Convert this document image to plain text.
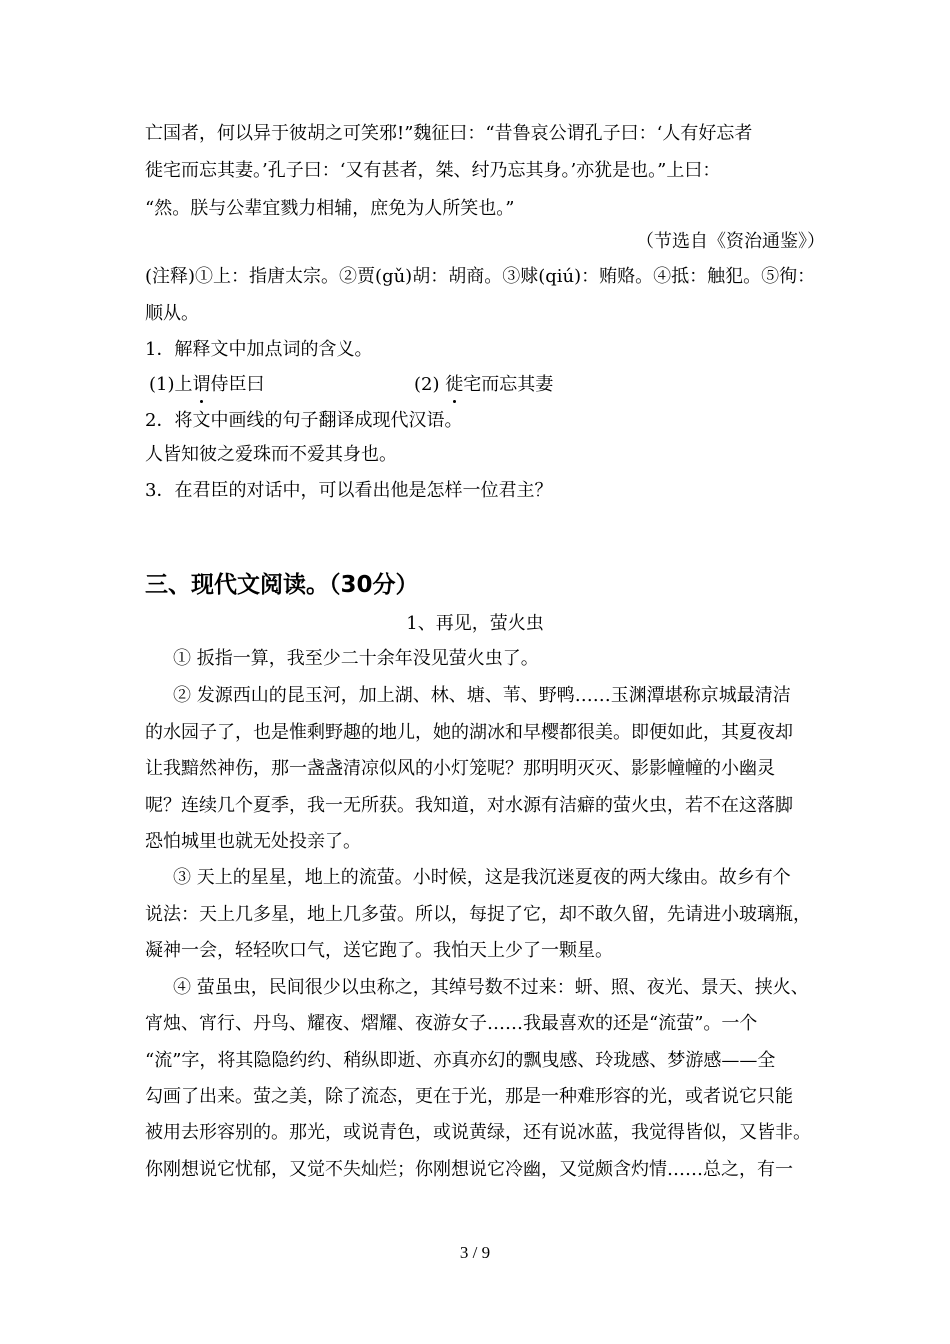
亡国者，何以异于彼胡之可笑邪!”魏征曰：“昔鲁哀公谓孔子曰：‘人有好忘者
徙宅而忘其妻。’孔子曰：‘又有甚者，桀、纣乃忘其身。’亦犹是也。”上曰：
“然。朕与公辈宜戮力相辅，庶免为人所笑也。”
（节选自《资治通鉴》）
(注释)①上：指唐太宗。②贾(gǔ)胡：胡商。③赇(qiú)：贿赂。④抵：触犯。⑤徇：
顺从。
1．解释文中加点词的含义。
(1)上谓侍臣曰	(2) 徙宅而忘其妻
2．将文中画线的句子翻译成现代汉语。
人皆知彼之爱珠而不爱其身也。
3．在君臣的对话中，可以看出他是怎样一位君主？
三、现代文阅读。（30分）
1、再见，萤火虫
① 扳指一算，我至少二十余年没见萤火虫了。
② 发源西山的昆玉河，加上湖、林、塘、苇、野鸭……玉渊潭堪称京城最清洁
的水园子了，也是惟剩野趣的地儿，她的湖冰和早樱都很美。即便如此，其夏夜却
让我黯然神伤，那一盏盏清凉似风的小灯笼呢？那明明灭灭、影影幢幢的小幽灵
呢？连续几个夏季，我一无所获。我知道，对水源有洁癖的萤火虫，若不在这落脚
恐怕城里也就无处投亲了。
③ 天上的星星，地上的流萤。小时候，这是我沉迷夏夜的两大缘由。故乡有个
说法：天上几多星，地上几多萤。所以，每捉了它，却不敢久留，先请进小玻璃瓶，
凝神一会，轻轻吹口气，送它跑了。我怕天上少了一颗星。
④ 萤虽虫，民间很少以虫称之，其绰号数不过来：蚈、照、夜光、景天、挟火、
宵烛、宵行、丹鸟、耀夜、熠耀、夜游女子……我最喜欢的还是“流萤”。一个
“流”字，将其隐隐约约、稍纵即逝、亦真亦幻的飘曳感、玲珑感、梦游感——全
勾画了出来。萤之美，除了流态，更在于光，那是一种难形容的光，或者说它只能
被用去形容别的。那光，或说青色，或说黄绿，还有说冰蓝，我觉得皆似，又皆非。
你刚想说它忧郁，又觉不失灿烂；你刚想说它冷幽，又觉颇含灼情……总之，有一
3 / 9
